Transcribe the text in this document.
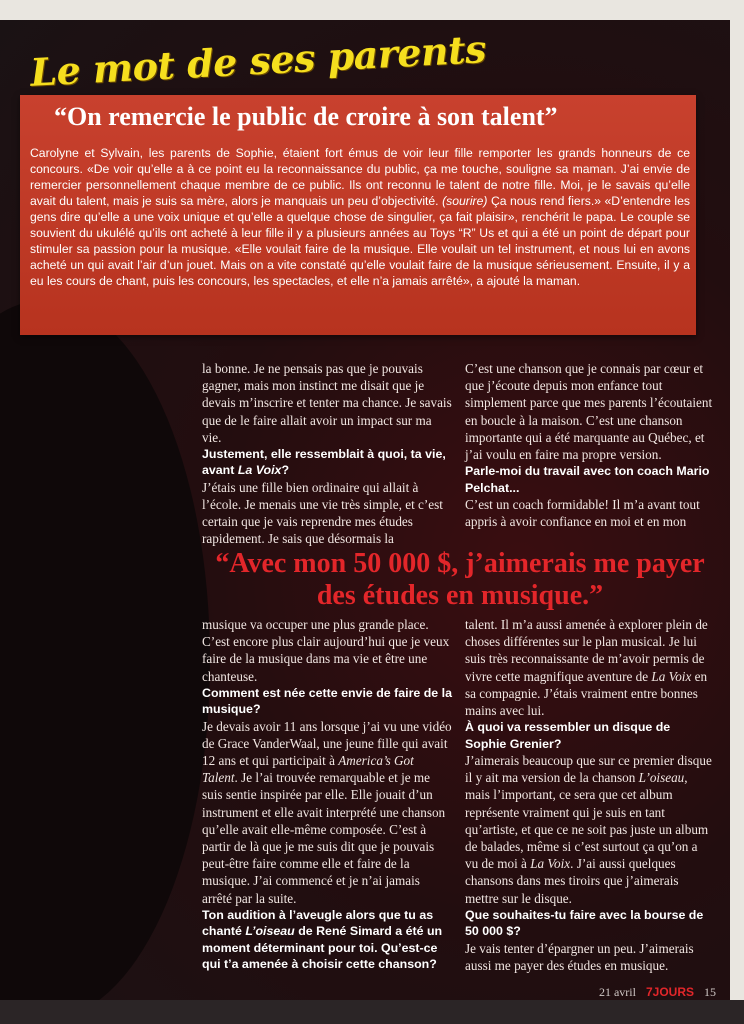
Le mot de ses parents
“On remercie le public de croire à son talent”
Carolyne et Sylvain, les parents de Sophie, étaient fort émus de voir leur fille remporter les grands honneurs de ce concours. «De voir qu’elle a à ce point eu la reconnaissance du public, ça me touche, souligne sa maman. J’ai envie de remercier personnellement chaque membre de ce public. Ils ont reconnu le talent de notre fille. Moi, je le savais qu’elle avait du talent, mais je suis sa mère, alors je manquais un peu d’objectivité. (sourire) Ça nous rend fiers.» «D’entendre les gens dire qu’elle a une voix unique et qu’elle a quelque chose de singulier, ça fait plaisir», renchérit le papa. Le couple se souvient du ukulélé qu’ils ont acheté à leur fille il y a plusieurs années au Toys “R” Us et qui a été un point de départ pour stimuler sa passion pour la musique. «Elle voulait faire de la musique. Elle voulait un tel instrument, et nous lui en avons acheté un qui avait l’air d’un jouet. Mais on a vite constaté qu’elle voulait faire de la musique sérieusement. Ensuite, il y a eu les cours de chant, puis les concours, les spectacles, et elle n’a jamais arrêté», a ajouté la maman.

la bonne. Je ne pensais pas que je pouvais gagner, mais mon instinct me disait que je devais m’inscrire et tenter ma chance. Je savais que de le faire allait avoir un impact sur ma vie.

Justement, elle ressemblait à quoi, ta vie, avant La Voix?

J’étais une fille bien ordinaire qui allait à l’école. Je menais une vie très simple, et c’est certain que je vais reprendre mes études rapidement. Je sais que désormais la

C’est une chanson que je connais par cœur et que j’écoute depuis mon enfance tout simplement parce que mes parents l’écoutaient en boucle à la maison. C’est une chanson importante qui a été marquante au Québec, et j’ai voulu en faire ma propre version.

Parle-moi du travail avec ton coach Mario Pelchat...

C’est un coach formidable! Il m’a avant tout appris à avoir confiance en moi et en mon

“Avec mon 50 000 $, j’aimerais me payer des études en musique.”

musique va occuper une plus grande place. C’est encore plus clair aujourd’hui que je veux faire de la musique dans ma vie et être une chanteuse.

Comment est née cette envie de faire de la musique?

Je devais avoir 11 ans lorsque j’ai vu une vidéo de Grace VanderWaal, une jeune fille qui avait 12 ans et qui participait à America’s Got Talent. Je l’ai trouvée remarquable et je me suis sentie inspirée par elle. Elle jouait d’un instrument et elle avait interprété une chanson qu’elle avait elle-même composée. C’est à partir de là que je me suis dit que je pouvais peut-être faire comme elle et faire de la musique. J’ai commencé et je n’ai jamais arrêté par la suite.

Ton audition à l’aveugle alors que tu as chanté L’oiseau de René Simard a été un moment déterminant pour toi. Qu’est-ce qui t’a amenée à choisir cette chanson?

talent. Il m’a aussi amenée à explorer plein de choses différentes sur le plan musical. Je lui suis très reconnaissante de m’avoir permis de vivre cette magnifique aventure de La Voix en sa compagnie. J’étais vraiment entre bonnes mains avec lui.

À quoi va ressembler un disque de Sophie Grenier?

J’aimerais beaucoup que sur ce premier disque il y ait ma version de la chanson L’oiseau, mais l’important, ce sera que cet album représente vraiment qui je suis en tant qu’artiste, et que ce ne soit pas juste un album de balades, même si c’est surtout ça qu’on a vu de moi à La Voix. J’ai aussi quelques chansons dans mes tiroirs que j’aimerais mettre sur le disque.

Que souhaites-tu faire avec la bourse de 50 000 $?

Je vais tenter d’épargner un peu. J’aimerais aussi me payer des études en musique.

21 avril 7JOURS 15
